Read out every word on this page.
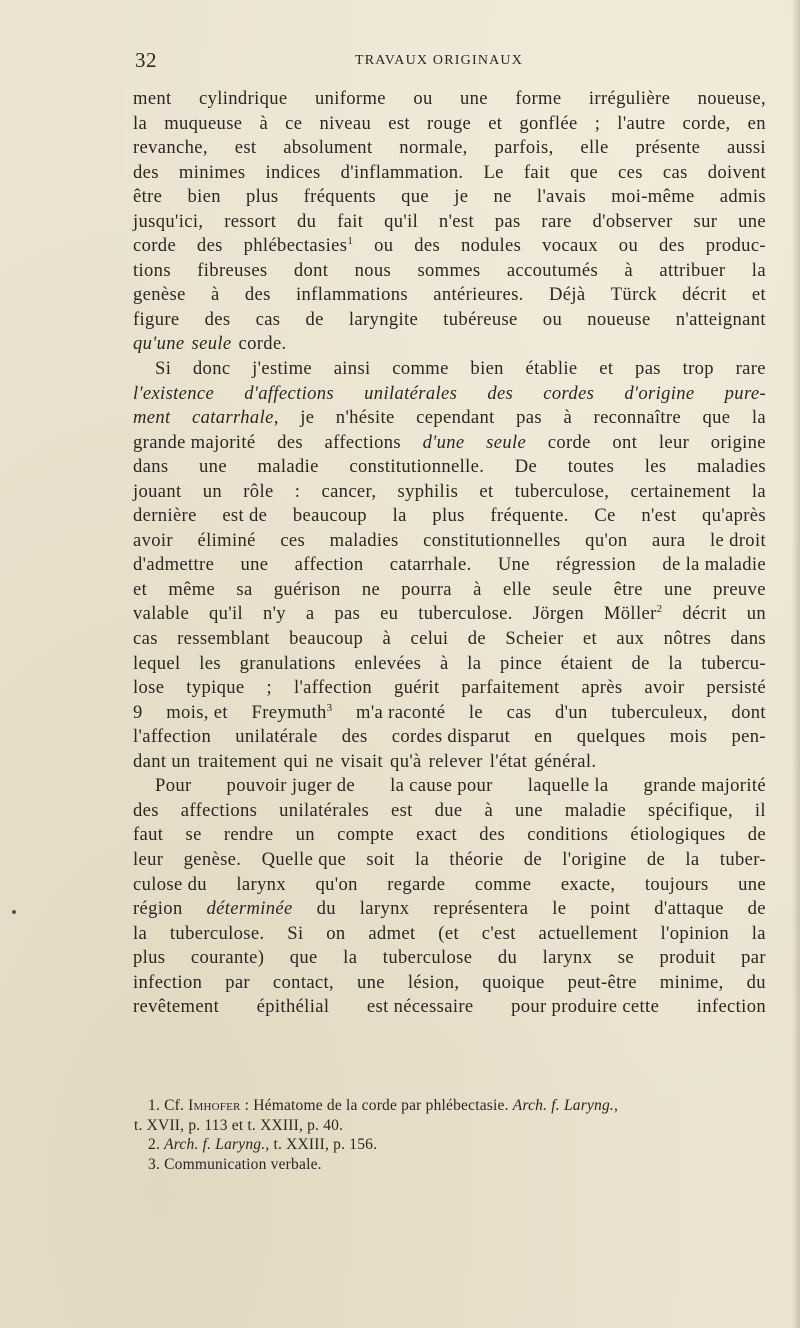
32	TRAVAUX ORIGINAUX
ment cylindrique uniforme ou une forme irrégulière noueuse,
la muqueuse à ce niveau est rouge et gonflée ; l'autre corde, en
revanche, est absolument normale, parfois, elle présente aussi
des minimes indices d'inflammation. Le fait que ces cas doivent
être bien plus fréquents que je ne l'avais moi-même admis
jusqu'ici, ressort du fait qu'il n'est pas rare d'observer sur une
corde des phlébectasies$^1$ ou des nodules vocaux ou des produc-
tions fibreuses dont nous sommes accoutumés à attribuer la
genèse à des inflammations antérieures. Déjà Türck décrit et
figure des cas de laryngite tubéreuse ou noueuse n'atteignant
qu'une seule corde.
Si donc j'estime ainsi comme bien établie et pas trop rare
l'existence d'affections unilatérales des cordes d'origine pure-
ment catarrhale, je n'hésite cependant pas à reconnaître que la
grande majorité des affections d'une seule corde ont leur origine
dans une maladie constitutionnelle. De toutes les maladies
jouant un rôle : cancer, syphilis et tuberculose, certainement la
dernière est de beaucoup la plus fréquente. Ce n'est qu'après
avoir éliminé ces maladies constitutionnelles qu'on aura le droit
d'admettre une affection catarrhale. Une régression de la maladie
et même sa guérison ne pourra à elle seule être une preuve
valable qu'il n'y a pas eu tuberculose. Jörgen Möller$^2$ décrit un
cas ressemblant beaucoup à celui de Scheier et aux nôtres dans
lequel les granulations enlevées à la pince étaient de la tubercu-
lose typique ; l'affection guérit parfaitement après avoir persisté
9 mois, et Freymuth$^3$ m'a raconté le cas d'un tuberculeux, dont
l'affection unilatérale des cordes disparut en quelques mois pen-
dant un traitement qui ne visait qu'à relever l'état général.
Pour pouvoir juger de la cause pour laquelle la grande majorité
des affections unilatérales est due à une maladie spécifique, il
faut se rendre un compte exact des conditions étiologiques de
leur genèse. Quelle que soit la théorie de l'origine de la tuber-
culose du larynx qu'on regarde comme exacte, toujours une
région déterminée du larynx représentera le point d'attaque de
la tuberculose. Si on admet (et c'est actuellement l'opinion la
plus courante) que la tuberculose du larynx se produit par
infection par contact, une lésion, quoique peut-être minime, du
revêtement épithélial est nécessaire pour produire cette infection
1. Cf. Imhofer : Hématome de la corde par phlébectasie. Arch. f. Laryng.,
t. XVII, p. 113 et t. XXIII, p. 40.
2. Arch. f. Laryng., t. XXIII, p. 156.
3. Communication verbale.
